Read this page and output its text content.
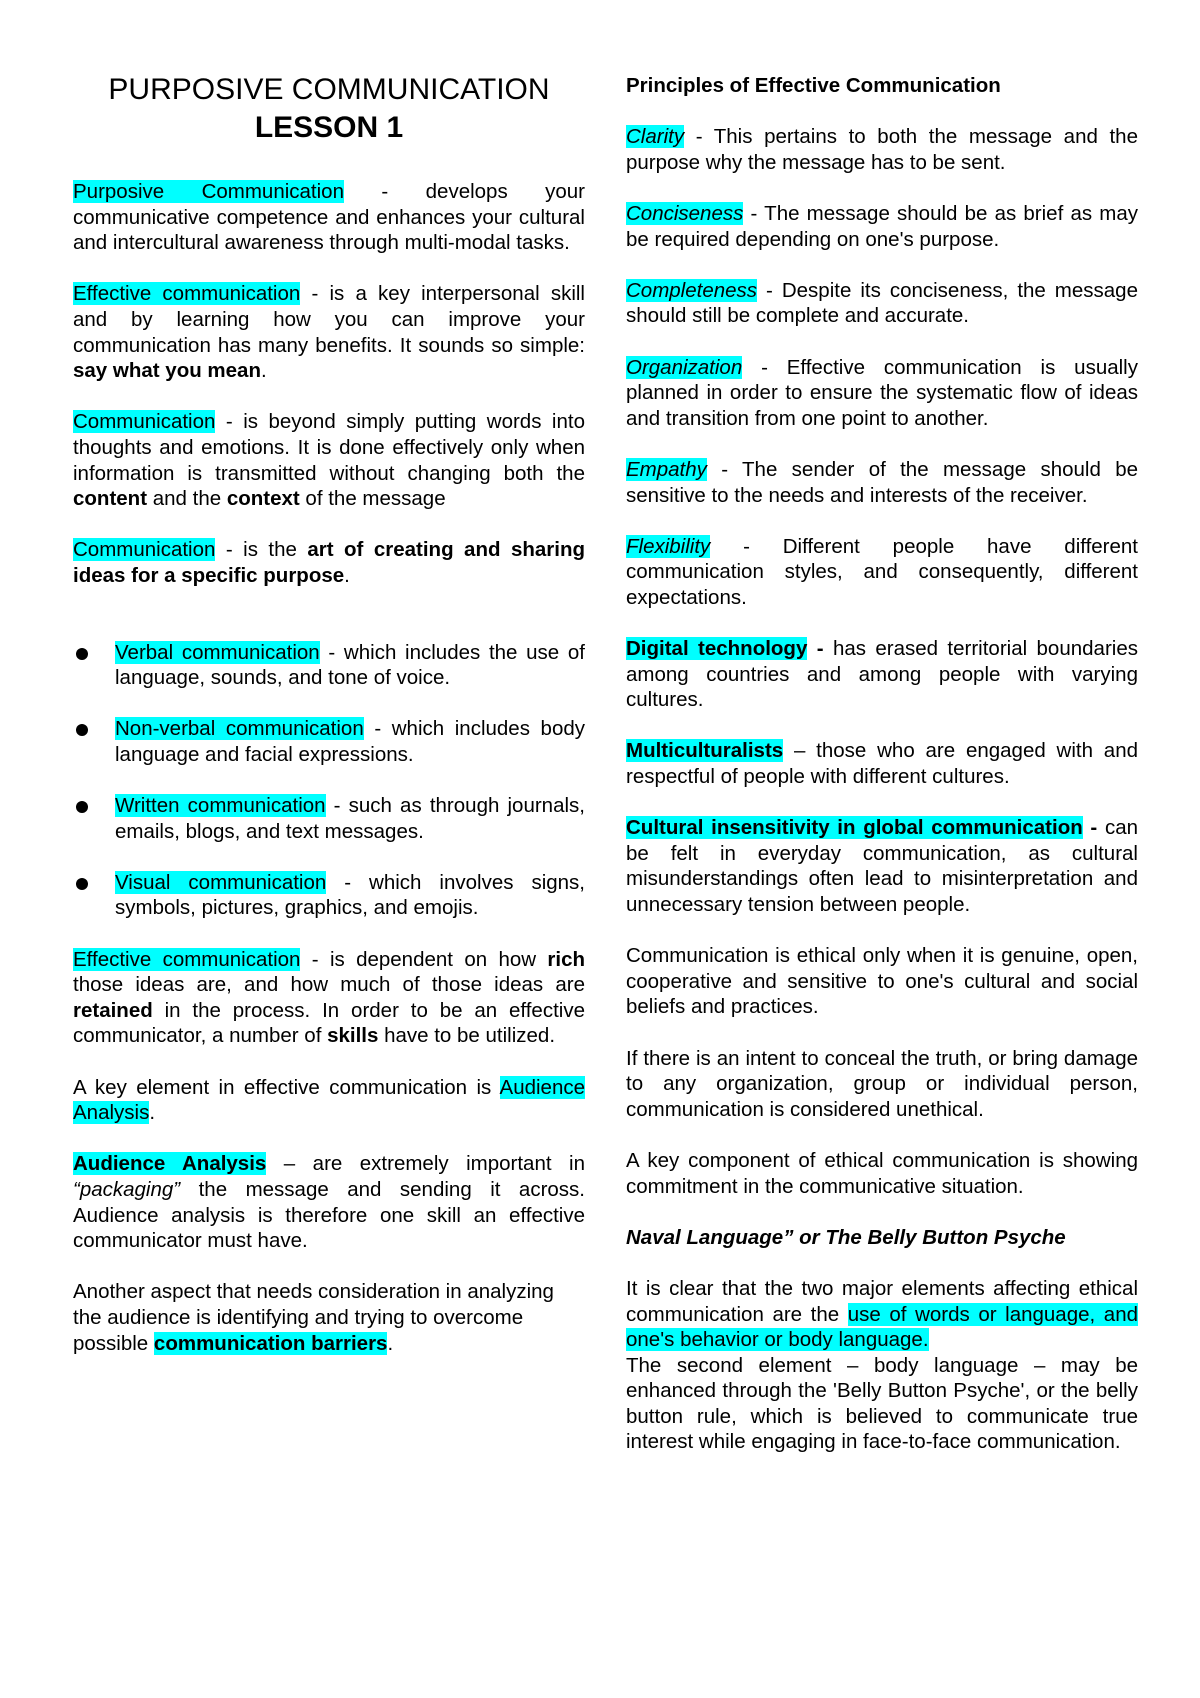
PURPOSIVE COMMUNICATION
LESSON 1

Purposive Communication - develops your communicative competence and enhances your cultural and intercultural awareness through multi-modal tasks.

Effective communication - is a key interpersonal skill and by learning how you can improve your communication has many benefits. It sounds so simple: say what you mean.

Communication - is beyond simply putting words into thoughts and emotions. It is done effectively only when information is transmitted without changing both the content and the context of the message

Communication - is the art of creating and sharing ideas for a specific purpose.

Verbal communication - which includes the use of language, sounds, and tone of voice.
Non-verbal communication - which includes body language and facial expressions.
Written communication - such as through journals, emails, blogs, and text messages.
Visual communication - which involves signs, symbols, pictures, graphics, and emojis.

Effective communication - is dependent on how rich those ideas are, and how much of those ideas are retained in the process. In order to be an effective communicator, a number of skills have to be utilized.

A key element in effective communication is Audience Analysis.

Audience Analysis – are extremely important in “packaging” the message and sending it across. Audience analysis is therefore one skill an effective communicator must have.

Another aspect that needs consideration in analyzing the audience is identifying and trying to overcome possible communication barriers.

Principles of Effective Communication

Clarity - This pertains to both the message and the purpose why the message has to be sent.

Conciseness - The message should be as brief as may be required depending on one's purpose.

Completeness - Despite its conciseness, the message should still be complete and accurate.

Organization - Effective communication is usually planned in order to ensure the systematic flow of ideas and transition from one point to another.

Empathy - The sender of the message should be sensitive to the needs and interests of the receiver.

Flexibility - Different people have different communication styles, and consequently, different expectations.

Digital technology - has erased territorial boundaries among countries and among people with varying cultures.

Multiculturalists – those who are engaged with and respectful of people with different cultures.

Cultural insensitivity in global communication - can be felt in everyday communication, as cultural misunderstandings often lead to misinterpretation and unnecessary tension between people.

Communication is ethical only when it is genuine, open, cooperative and sensitive to one's cultural and social beliefs and practices.

If there is an intent to conceal the truth, or bring damage to any organization, group or individual person, communication is considered unethical.

A key component of ethical communication is showing commitment in the communicative situation.

Naval Language” or The Belly Button Psyche

It is clear that the two major elements affecting ethical communication are the use of words or language, and one's behavior or body language.

The second element – body language – may be enhanced through the 'Belly Button Psyche', or the belly button rule, which is believed to communicate true interest while engaging in face-to-face communication.
